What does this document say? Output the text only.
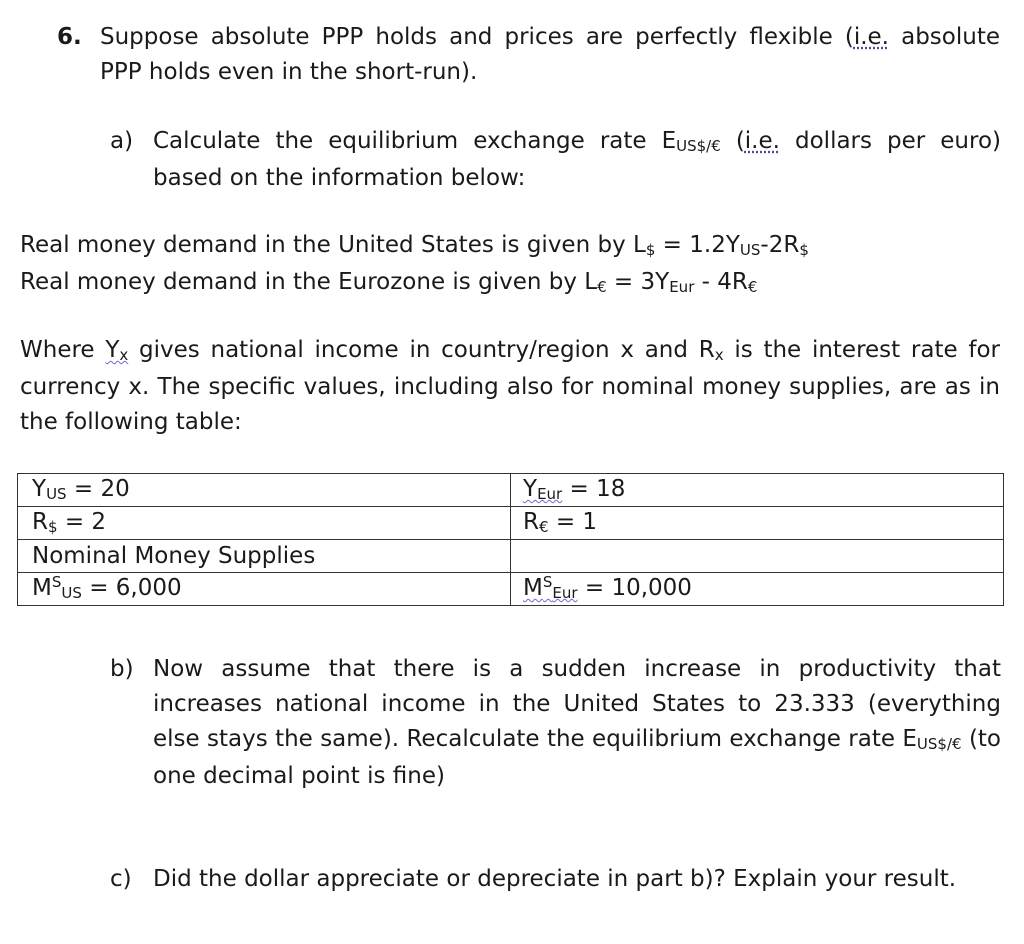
6. Suppose absolute PPP holds and prices are perfectly flexible (i.e. absolute PPP holds even in the short-run).
a) Calculate the equilibrium exchange rate EUS$/€ (i.e. dollars per euro) based on the information below:
Real money demand in the United States is given by L$ = 1.2YUS-2R$
Real money demand in the Eurozone is given by L€ = 3YEur - 4R€
Where Yx gives national income in country/region x and Rx is the interest rate for currency x. The specific values, including also for nominal money supplies, are as in the following table:
YUS = 20	YEur = 18
R$ = 2	R€ = 1
Nominal Money Supplies	
$M^SUS = 6,000$	$M^SEur = 10,000$
b) Now assume that there is a sudden increase in productivity that increases national income in the United States to 23.333 (everything else stays the same). Recalculate the equilibrium exchange rate EUS$/€ (to one decimal point is fine)
c) Did the dollar appreciate or depreciate in part b)? Explain your result.
